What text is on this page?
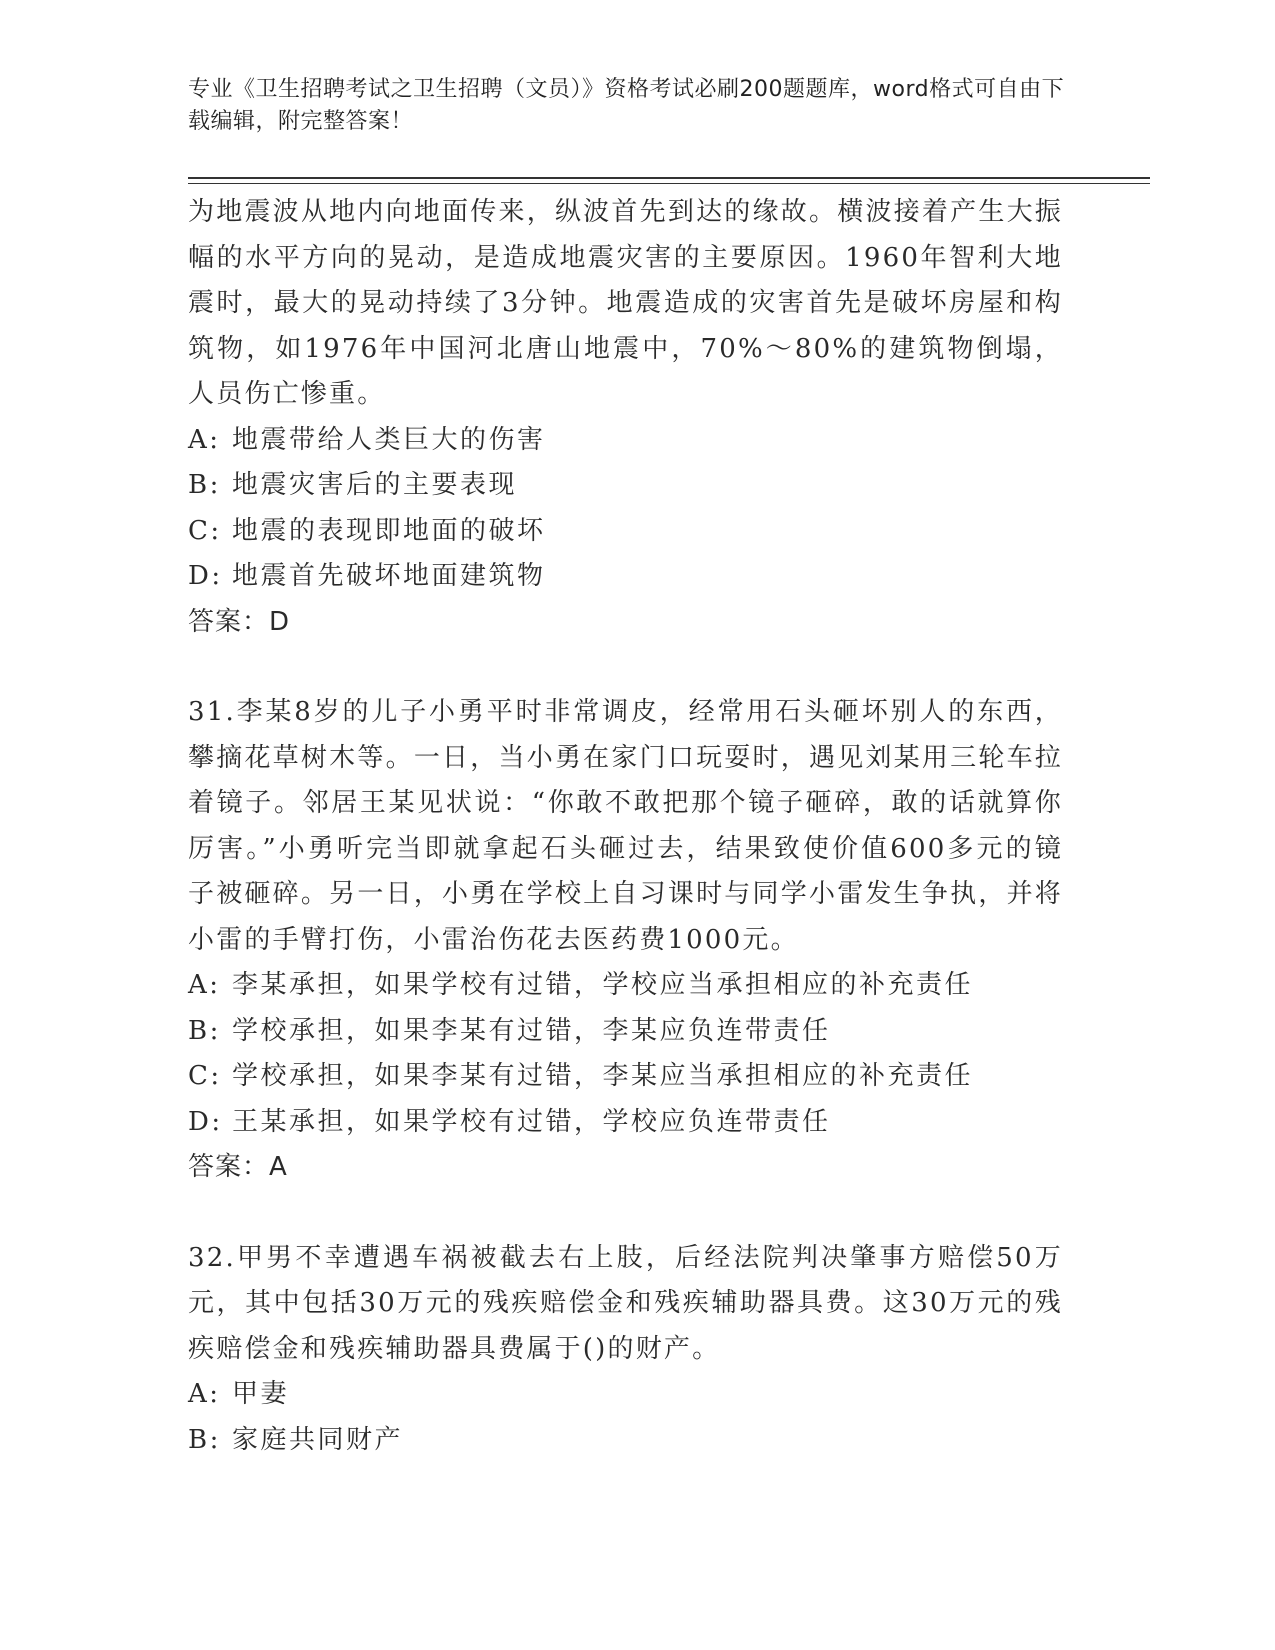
专业《卫生招聘考试之卫生招聘（文员）》资格考试必刷200题题库，word格式可自由下载编辑，附完整答案！

为地震波从地内向地面传来，纵波首先到达的缘故。横波接着产生大振幅的水平方向的晃动，是造成地震灾害的主要原因。1960年智利大地震时，最大的晃动持续了3分钟。地震造成的灾害首先是破坏房屋和构筑物，如1976年中国河北唐山地震中，70%～80%的建筑物倒塌，人员伤亡惨重。

A: 地震带给人类巨大的伤害
B: 地震灾害后的主要表现
C: 地震的表现即地面的破坏
D: 地震首先破坏地面建筑物

答案：D

31.李某8岁的儿子小勇平时非常调皮，经常用石头砸坏别人的东西，攀摘花草树木等。一日，当小勇在家门口玩耍时，遇见刘某用三轮车拉着镜子。邻居王某见状说：“你敢不敢把那个镜子砸碎，敢的话就算你厉害。”小勇听完当即就拿起石头砸过去，结果致使价值600多元的镜子被砸碎。另一日，小勇在学校上自习课时与同学小雷发生争执，并将小雷的手臂打伤，小雷治伤花去医药费1000元。

A: 李某承担，如果学校有过错，学校应当承担相应的补充责任
B: 学校承担，如果李某有过错，李某应负连带责任
C: 学校承担，如果李某有过错，李某应当承担相应的补充责任
D: 王某承担，如果学校有过错，学校应负连带责任

答案：A

32.甲男不幸遭遇车祸被截去右上肢，后经法院判决肇事方赔偿50万元，其中包括30万元的残疾赔偿金和残疾辅助器具费。这30万元的残疾赔偿金和残疾辅助器具费属于()的财产。

A: 甲妻
B: 家庭共同财产
